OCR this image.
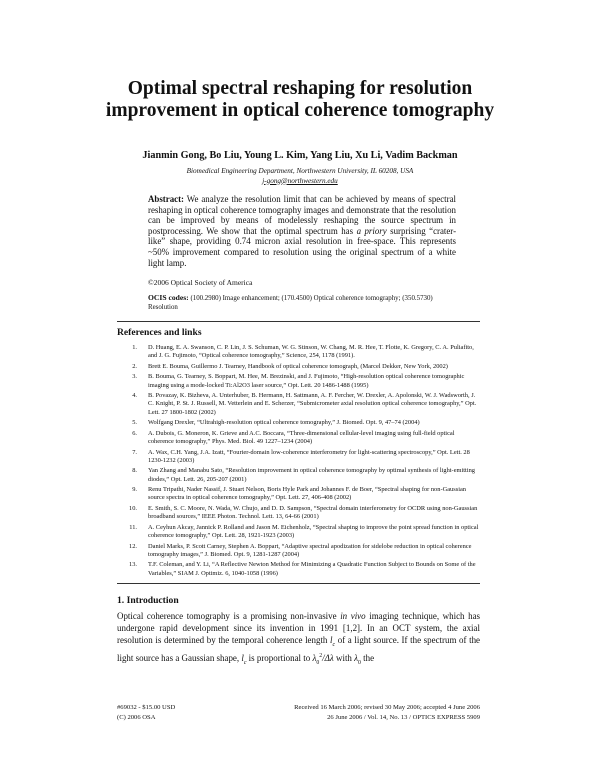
Optimal spectral reshaping for resolution
improvement in optical coherence tomography
Jianmin Gong, Bo Liu, Young L. Kim, Yang Liu, Xu Li, Vadim Backman
Biomedical Engineering Department, Northwestern University, IL 60208, USA
j-gong@northwestern.edu
Abstract: We analyze the resolution limit that can be achieved by means of spectral reshaping in optical coherence tomography images and demonstrate that the resolution can be improved by means of modelessly reshaping the source spectrum in postprocessing. We show that the optimal spectrum has a priory surprising “crater-like” shape, providing 0.74 micron axial resolution in free-space. This represents ~50% improvement compared to resolution using the original spectrum of a white light lamp.
©2006 Optical Society of America
OCIS codes: (100.2980) Image enhancement; (170.4500) Optical coherence tomography; (350.5730) Resolution
References and links
1.	D. Huang, E. A. Swanson, C. P. Lin, J. S. Schuman, W. G. Stinson, W. Chang, M. R. Hee, T. Flotte, K. Gregory, C. A. Puliafito, and J. G. Fujimoto, “Optical coherence tomography,” Science, 254, 1178 (1991).
2.	Brett E. Bouma, Guillermo J. Tearney, Handbook of optical coherence tomograph, (Marcel Dekker, New York, 2002)
3.	B. Bouma, G. Tearney, S. Boppart, M. Hee, M. Brezinski, and J. Fujimoto, “High-resolution optical coherence tomographic imaging using a mode-locked Ti:Al2O3 laser source,” Opt. Lett. 20 1486-1488 (1995)
4.	B. Povazay, K. Bizheva, A. Unterhuber, B. Hermann, H. Sattmann, A. F. Fercher, W. Drexler, A. Apolonski, W. J. Wadsworth, J. C. Knight, P. St. J. Russell, M. Vetterlein and E. Scherzer, “Submicrometer axial resolution optical coherence tomography,” Opt. Lett. 27 1800-1802 (2002)
5.	Wolfgang Drexler, “Ultrahigh-resolution optical coherence tomography,” J. Biomed. Opt. 9, 47–74 (2004)
6.	A. Dubois, G. Moneron, K. Grieve and A.C. Boccara, “Three-dimensional cellular-level imaging using full-field optical coherence tomography,” Phys. Med. Biol. 49 1227–1234 (2004)
7.	A. Wax, C.H. Yang, J.A. Izatt, “Fourier-domain low-coherence interferometry for light-scattering spectroscopy,” Opt. Lett. 28 1230-1232 (2003)
8.	Yan Zhang and Manabu Sato, “Resolution improvement in optical coherence tomography by optimal synthesis of light-emitting diodes,” Opt. Lett. 26, 205-207 (2001)
9.	Renu Tripathi, Nader Nassif, J. Stuart Nelson, Boris Hyle Park and Johannes F. de Boer, “Spectral shaping for non-Gaussian source spectra in optical coherence tomography,” Opt. Lett. 27, 406-408 (2002)
10.	E. Smith, S. C. Moore, N. Wada, W. Chujo, and D. D. Sampson, “Spectral domain interferometry for OCDR using non-Gaussian broadband sources,” IEEE Photon. Technol. Lett. 13, 64-66 (2001)
11.	A. Ceyhun Akcay, Jannick P. Rolland and Jason M. Eichenholz, “Spectral shaping to improve the point spread function in optical coherence tomography,” Opt. Lett. 28, 1921-1923 (2003)
12.	Daniel Marks, P. Scott Carney, Stephen A. Boppart, “Adaptive spectral apodization for sidelobe reduction in optical coherence tomography images,” J. Biomed. Opt. 9, 1281-1287 (2004)
13.	T.F. Coleman, and Y. Li, “A Reflective Newton Method for Minimizing a Quadratic Function Subject to Bounds on Some of the Variables,” SIAM J. Optimiz. 6, 1040-1058 (1996)
1. Introduction
Optical coherence tomography is a promising non-invasive in vivo imaging technique, which has undergone rapid development since its invention in 1991 [1,2]. In an OCT system, the axial resolution is determined by the temporal coherence length $l_c$ of a light source. If the spectrum of the light source has a Gaussian shape, $l_c$ is proportional to $\lambda_0^2/\Delta\lambda$ with $\lambda_0$ the
#69032 - $15.00 USD
(C) 2006 OSA
Received 16 March 2006; revised 30 May 2006; accepted 4 June 2006
26 June 2006 / Vol. 14, No. 13 / OPTICS EXPRESS 5909
